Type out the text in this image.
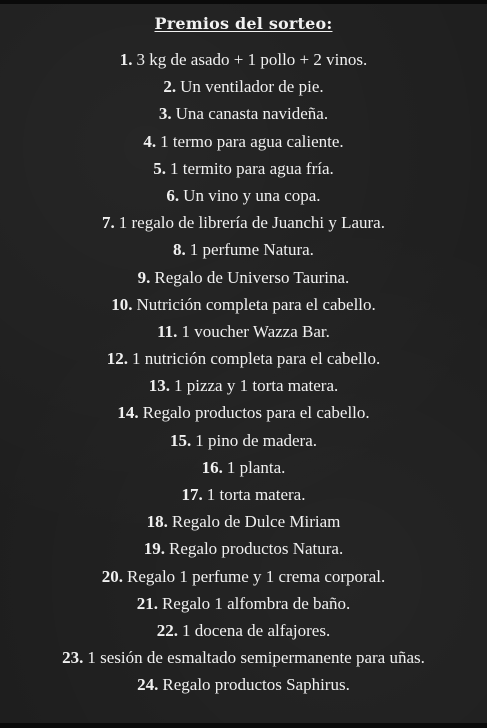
Premios del sorteo:
1. 3 kg de asado + 1 pollo + 2 vinos.
2. Un ventilador de pie.
3. Una canasta navideña.
4. 1 termo para agua caliente.
5. 1 termito para agua fría.
6. Un vino y una copa.
7. 1 regalo de librería de Juanchi y Laura.
8. 1 perfume Natura.
9. Regalo de Universo Taurina.
10. Nutrición completa para el cabello.
11. 1 voucher Wazza Bar.
12. 1 nutrición completa para el cabello.
13. 1 pizza y 1 torta matera.
14. Regalo productos para el cabello.
15. 1 pino de madera.
16. 1 planta.
17. 1 torta matera.
18. Regalo de Dulce Miriam
19. Regalo productos Natura.
20. Regalo 1 perfume y 1 crema corporal.
21. Regalo 1 alfombra de baño.
22. 1 docena de alfajores.
23. 1 sesión de esmaltado semipermanente para uñas.
24. Regalo productos Saphirus.
